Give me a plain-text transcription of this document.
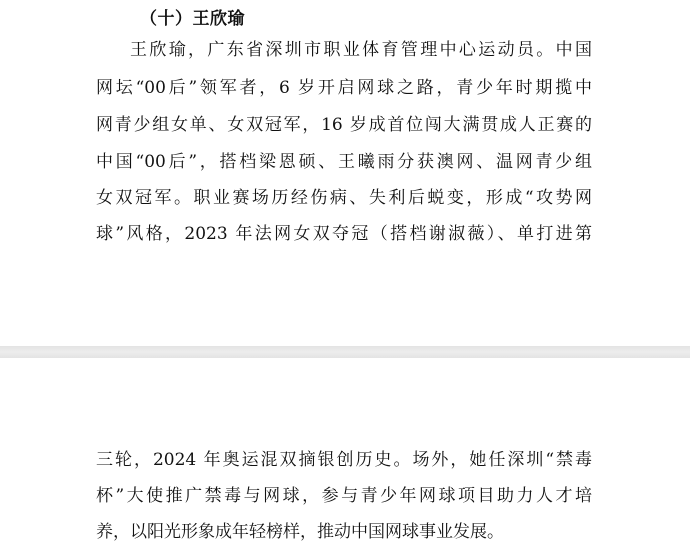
（十）王欣瑜
王欣瑜，广东省深圳市职业体育管理中心运动员。中国
网坛“00后”领军者，6 岁开启网球之路，青少年时期揽中
网青少组女单、女双冠军，16 岁成首位闯大满贯成人正赛的
中国“00后”，搭档梁恩硕、王曦雨分获澳网、温网青少组
女双冠军。职业赛场历经伤病、失利后蜕变，形成“攻势网
球”风格，2023 年法网女双夺冠（搭档谢淑薇）、单打进第
三轮，2024 年奥运混双摘银创历史。场外，她任深圳“禁毒
杯”大使推广禁毒与网球，参与青少年网球项目助力人才培
养，以阳光形象成年轻榜样，推动中国网球事业发展。
